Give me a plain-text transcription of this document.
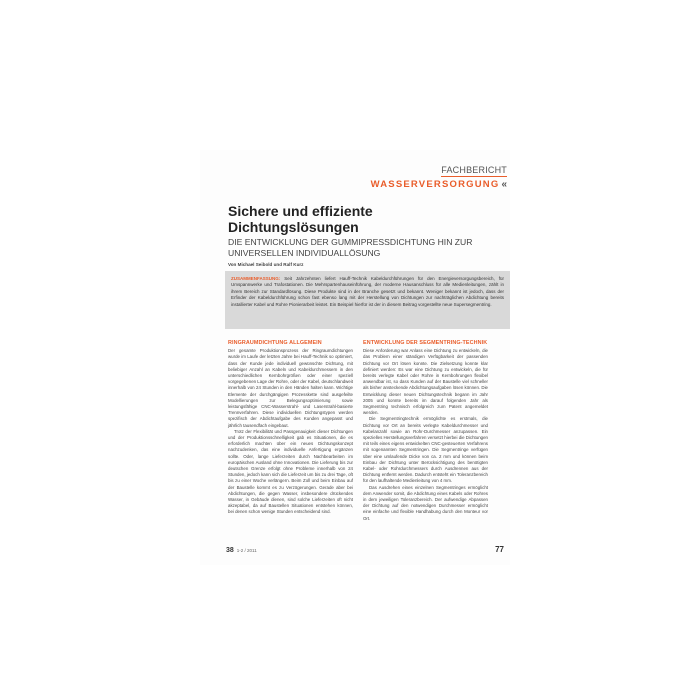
FACHBERICHT
WASSERVERSORGUNG «
Sichere und effiziente Dichtungslösungen
DIE ENTWICKLUNG DER GUMMIPRESSDICHTUNG HIN ZUR UNIVERSELLEN INDIVIDUALLÖSUNG
Von Michael Seibold und Ralf Kurz

ZUSAMMENFASSUNG: Seit Jahrzehnten liefert Hauff-Technik Kabeldurchführungen für den Energieversorgungsbereich, für Umspannwerke und Trafostationen. Die Mehrspartenhauseinführung, der moderne Hausanschluss für alle Medienleitungen, zählt in ihrem Bereich zur Standardlösung. Diese Produkte sind in der Branche gesetzt und bekannt. Weniger bekannt ist jedoch, dass der Erfinder der Kabeldurchführung schon fast ebenso lang mit der Herstellung von Dichtungen zur nachträglichen Abdichtung bereits installierter Kabel und Rohre Pionierarbeit leistet. Ein Beispiel hierfür ist der in diesem Beitrag vorgestellte neue Supersegmentring.

RINGRAUMDICHTUNG ALLGEMEIN

Der gesamte Produktionsprozess der Ringraumdichtungen wurde im Laufe der letzten Jahre bei Hauff-Technik so optimiert, dass der Kunde jede individuell gewünschte Dichtung, mit beliebiger Anzahl an Kabeln und Kabeldurchmessern in den unterschiedlichen Kernbohrgrößen oder einer speziell vorgegebenen Lage der Rohre, oder der Kabel, deutschlandweit innerhalb von 24 Stunden in den Händen halten kann. Wichtige Elemente der durchgängigen Prozesskette sind ausgefeilte Modellierungen zur Belegungsoptimierung sowie leistungsfähige CNC-Wasserstrahl- und Laserstrahl-basierte Trennverfahren. Diese individuellen Dichtungstypen werden spezifisch der Abdichtaufgabe des Kunden angepasst und jährlich tausendfach eingebaut.

Trotz der Flexibilität und Passgenauigkeit dieser Dichtungen und der Produktionsschnelligkeit gab es Situationen, die es erforderlich machten über ein neues Dichtungskonzept nachzudenken, das eine individuelle Anfertigung ergänzen sollte. Oder, lange Lieferzeiten durch Nachbearbeiten im europäischen Ausland ohne Innovationen. Die Lieferung bis zur deutschen Grenze erfolgt ohne Probleme innerhalb von 24 Stunden, jedoch kann sich die Lieferzeit um bis zu drei Tage, oft bis zu einer Woche verlängern. Beim Zoll und beim Einbau auf der Baustelle kommt es zu Verzögerungen. Gerade aber bei Abdichtungen, die gegen Wasser, insbesondere drückendes Wasser, in Gebäude dienen, sind solche Lieferzeiten oft nicht akzeptabel, da auf Baustellen Situationen entstehen können, bei denen schon wenige Stunden entscheidend sind.

ENTWICKLUNG DER SEGMENTRING-TECHNIK

Diese Anforderung war Anlass eine Dichtung zu entwickeln, die das Problem einer ständigen Verfügbarkeit der passenden Dichtung vor Ort lösen konnte. Die Zielsetzung konnte klar definiert werden: Es war eine Dichtung zu entwickeln, die für bereits verlegte Kabel oder Rohre in Kernbohrungen flexibel anwendbar ist, so dass Kunden auf der Baustelle viel schneller als bisher ansteckende Abdichtungsaufgaben lösen können. Die Entwicklung dieser neuen Dichtungstechnik begann im Jahr 2005 und konnte bereits im darauf folgenden Jahr als Segmentring technisch erfolgreich zum Patent angemeldet werden.

Die Segmentringtechnik ermöglichte es erstmals, die Dichtung vor Ort an bereits verlegte Kabeldurchmesser und Kabelanzahl sowie an Rohr-Durchmesser anzupassen. Ein spezielles Herstellungsverfahren versetzt hierbei die Dichtungen mit teils eines eigens entwickelten CNC-gesteuerten Verfahrens mit sogenannten Segmentringen. Die Segmentringe verfügen über eine umlaufende Dicke von ca. 2 mm und können beim Einbau der Dichtung unter Berücksichtigung des benötigten Kabel- oder Rohrdurchmessers durch Ausdrennen aus der Dichtung entfernt werden. Dadurch entsteht ein Toleranzbereich für den laufhaltende Medienleitung von 4 mm.

Das Ausdrehen eines einzelnen Segmentringes ermöglicht dem Anwender somit, die Abdichtung eines Kabels oder Rohres in dem jeweiligen Toleranzbereich. Der aufwendige Abpassen der Dichtung auf den notwendigen Durchmesser ermöglicht eine einfache und flexible Handhabung durch den Monteur vor Ort.

38 1-2 / 2011	77
